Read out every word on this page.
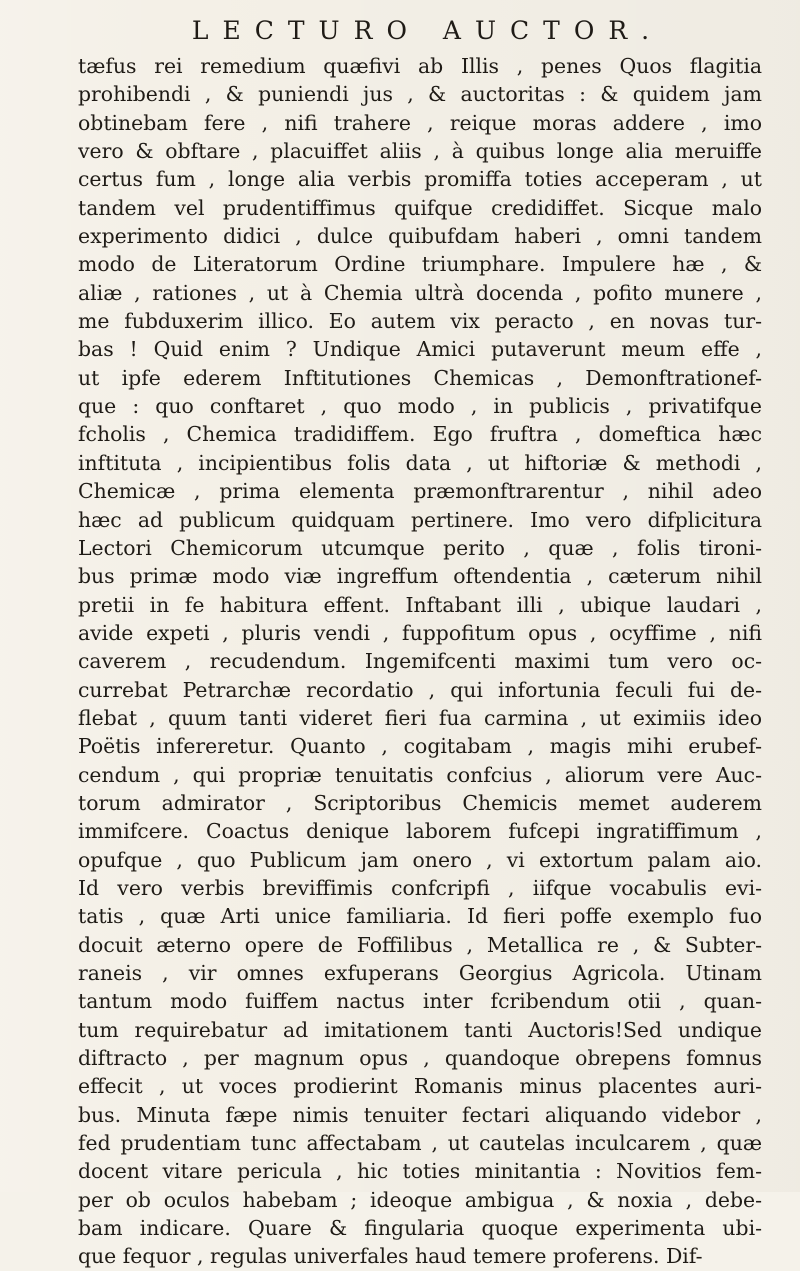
LECTURO AUCTOR.
tæfus rei remedium quæfivi ab Illis , penes Quos flagitia
prohibendi , & puniendi jus , & auctoritas : & quidem jam
obtinebam fere , nifi trahere , reique moras addere , imo
vero & obftare , placuiffet aliis , à quibus longe alia meruiffe
certus fum , longe alia verbis promiffa toties acceperam , ut
tandem vel prudentiffimus quifque credidiffet. Sicque malo
experimento didici , dulce quibufdam haberi , omni tandem
modo de Literatorum Ordine triumphare. Impulere hæ , &
aliæ , rationes , ut à Chemia ultrà docenda , pofito munere ,
me fubduxerim illico. Eo autem vix peracto , en novas tur-
bas ! Quid enim ? Undique Amici putaverunt meum effe ,
ut ipfe ederem Inftitutiones Chemicas , Demonftrationef-
que : quo conftaret , quo modo , in publicis , privatifque
fcholis , Chemica tradidiffem. Ego fruftra , domeftica hæc
inftituta , incipientibus folis data , ut hiftoriæ & methodi ,
Chemicæ , prima elementa præmonftrarentur , nihil adeo
hæc ad publicum quidquam pertinere. Imo vero difplicitura
Lectori Chemicorum utcumque perito , quæ , folis tironi-
bus primæ modo viæ ingreffum oftendentia , cæterum nihil
pretii in fe habitura effent. Inftabant illi , ubique laudari ,
avide expeti , pluris vendi , fuppofitum opus , ocyffime , nifi
caverem , recudendum. Ingemifcenti maximi tum vero oc-
currebat Petrarchæ recordatio , qui infortunia feculi fui de-
flebat , quum tanti videret fieri fua carmina , ut eximiis ideo
Poëtis infereretur. Quanto , cogitabam , magis mihi erubef-
cendum , qui propriæ tenuitatis confcius , aliorum vere Auc-
torum admirator , Scriptoribus Chemicis memet auderem
immifcere. Coactus denique laborem fufcepi ingratiffimum ,
opufque , quo Publicum jam onero , vi extortum palam aio.
Id vero verbis breviffimis confcripfi , iifque vocabulis evi-
tatis , quæ Arti unice familiaria. Id fieri poffe exemplo fuo
docuit æterno opere de Foffilibus , Metallica re , & Subter-
raneis , vir omnes exfuperans Georgius Agricola. Utinam
tantum modo fuiffem nactus inter fcribendum otii , quan-
tum requirebatur ad imitationem tanti Auctoris!Sed undique
diftracto , per magnum opus , quandoque obrepens fomnus
effecit , ut voces prodierint Romanis minus placentes auri-
bus. Minuta fæpe nimis tenuiter fectari aliquando videbor ,
fed prudentiam tunc affectabam , ut cautelas inculcarem , quæ
docent vitare pericula , hic toties minitantia : Novitios fem-
per ob oculos habebam ; ideoque ambigua , & noxia , debe-
bam indicare. Quare & fingularia quoque experimenta ubi-
que fequor , regulas univerfales haud temere proferens. Dif-
